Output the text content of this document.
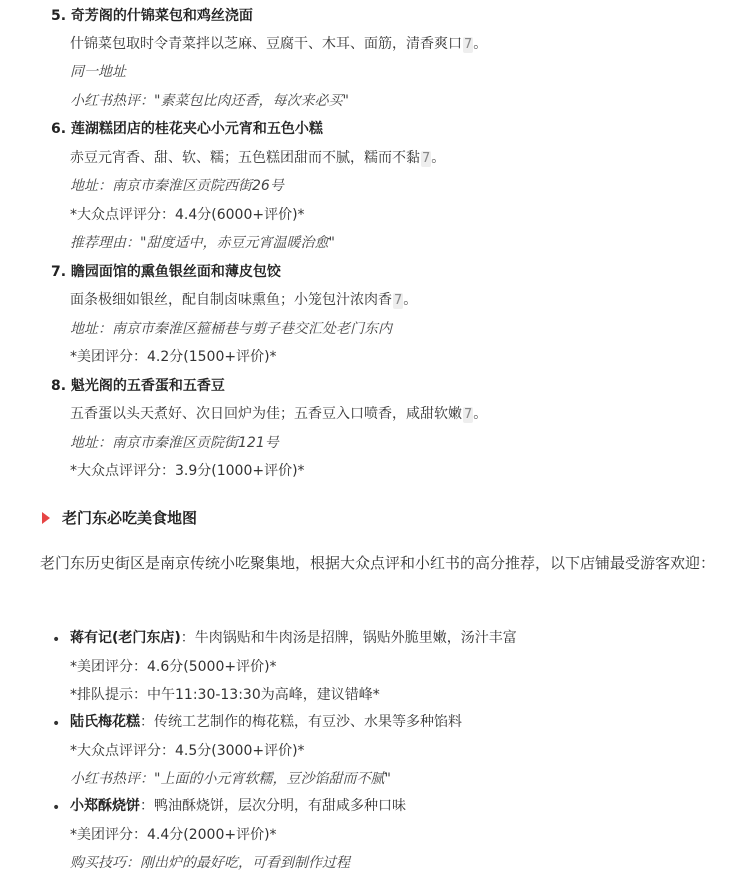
5. 奇芳阁的什锦菜包和鸡丝浇面
什锦菜包取时令青菜拌以芝麻、豆腐干、木耳、面筋，清香爽口 7。
同一地址
小红书热评："素菜包比肉还香，每次来必买"
6. 莲湖糕团店的桂花夹心小元宵和五色小糕
赤豆元宵香、甜、软、糯；五色糕团甜而不腻，糯而不黏 7。
地址：南京市秦淮区贡院西街26号
*大众点评评分：4.4分(6000+评价)*
推荐理由："甜度适中，赤豆元宵温暖治愈"
7. 瞻园面馆的熏鱼银丝面和薄皮包饺
面条极细如银丝，配自制卤味熏鱼；小笼包汁浓肉香 7。
地址：南京市秦淮区箍桶巷与剪子巷交汇处老门东内
*美团评分：4.2分(1500+评价)*
8. 魁光阁的五香蛋和五香豆
五香蛋以头天煮好、次日回炉为佳；五香豆入口喷香，咸甜软嫩 7。
地址：南京市秦淮区贡院街121号
*大众点评评分：3.9分(1000+评价)*
老门东必吃美食地图
老门东历史街区是南京传统小吃聚集地，根据大众点评和小红书的高分推荐，以下店铺最受游客欢迎：
• 蒋有记(老门东店)：牛肉锅贴和牛肉汤是招牌，锅贴外脆里嫩，汤汁丰富
*美团评分：4.6分(5000+评价)*
*排队提示：中午11:30-13:30为高峰，建议错峰*
• 陆氏梅花糕：传统工艺制作的梅花糕，有豆沙、水果等多种馅料
*大众点评评分：4.5分(3000+评价)*
小红书热评："上面的小元宵软糯，豆沙馅甜而不腻"
• 小郑酥烧饼：鸭油酥烧饼，层次分明，有甜咸多种口味
*美团评分：4.4分(2000+评价)*
购买技巧：刚出炉的最好吃，可看到制作过程
